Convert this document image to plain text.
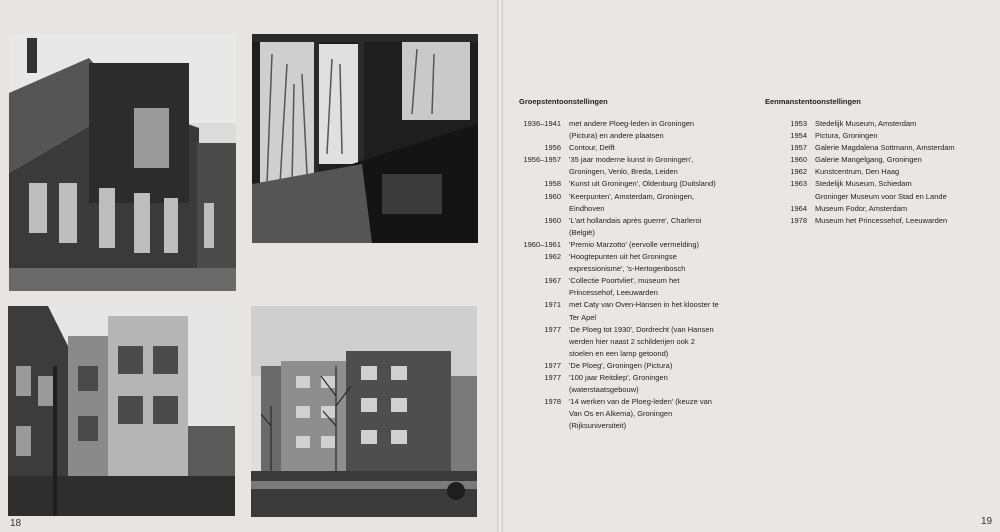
18
Groepstentoonstellingen
1936–1941 met andere Ploeg-leden in Groningen
(Pictura) en andere plaatsen
1956 Contour, Delft
1956–1957 '35 jaar moderne kunst in Groningen',
Groningen, Venlo, Breda, Leiden
1958 'Kunst uit Groningen', Oldenburg (Duitsland)
1960 'Keerpunten', Amsterdam, Groningen,
Eindhoven
1960 'L'art hollandais après guerre', Charleroi
(België)
1960–1961 'Premio Marzotto' (eervolle vermelding)
1962 'Hoogtepunten uit het Groningse
expressionisme', 's-Hertogenbosch
1967 'Collectie Poortvliet', museum het
Princessehof, Leeuwarden
1971 met Caty van Oven-Hansen in het klooster te
Ter Apel
1977 'De Ploeg tot 1930', Dordrecht (van Hansen
werden hier naast 2 schilderijen ook 2
stoelen en een lamp getoond)
1977 'De Ploeg', Groningen (Pictura)
1977 '100 jaar Reitdiep', Groningen
(waterstaatsgebouw)
1978 '14 werken van de Ploeg-leden' (keuze van
Van Os en Alkema), Groningen
(Rijksuniversiteit)
Eenmanstentoonstellingen
1953 Stedelijk Museum, Amsterdam
1954 Pictura, Groningen
1957 Galerie Magdalena Sottmann, Amsterdam
1960 Galerie Mangelgang, Groningen
1962 Kunstcentrum, Den Haag
1963 Stedelijk Museum, Schiedam
Groninger Museum voor Stad en Lande
1964 Museum Fodor, Amsterdam
1978 Museum het Princessehof, Leeuwarden
19
